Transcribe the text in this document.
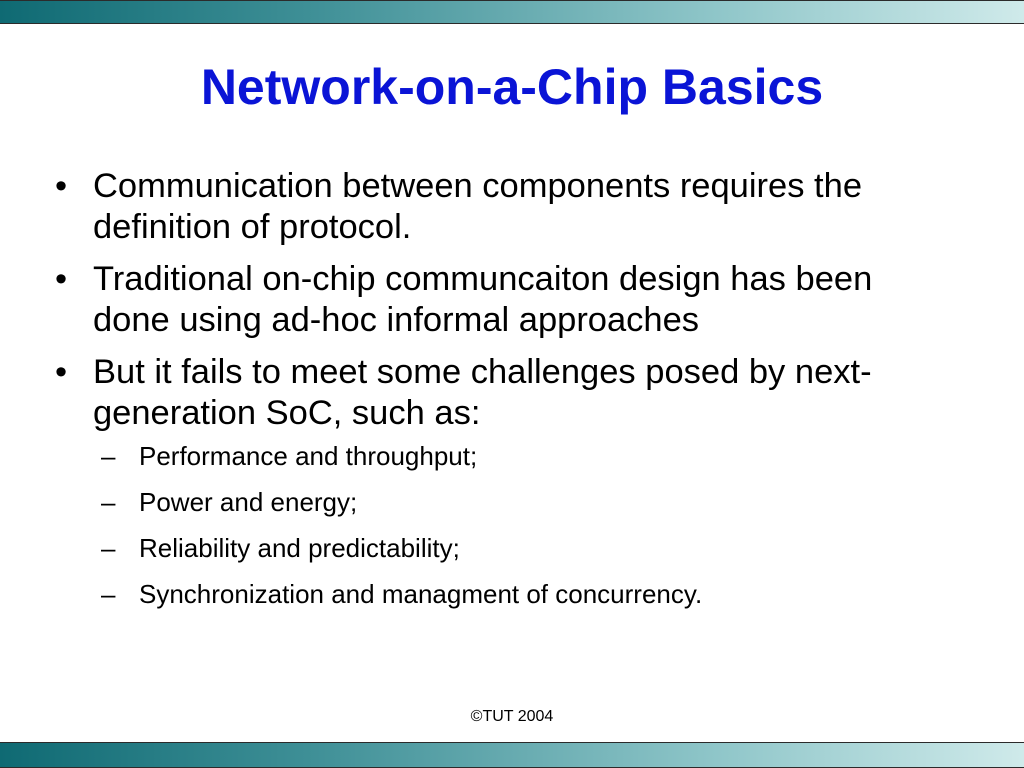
Network-on-a-Chip Basics
• Communication between components requires the definition of protocol.
• Traditional on-chip communcaiton design has been done using ad-hoc informal approaches
• But it fails to meet some challenges posed by next-generation SoC, such as:
– Performance and throughput;
– Power and energy;
– Reliability and predictability;
– Synchronization and managment of concurrency.
©TUT 2004
